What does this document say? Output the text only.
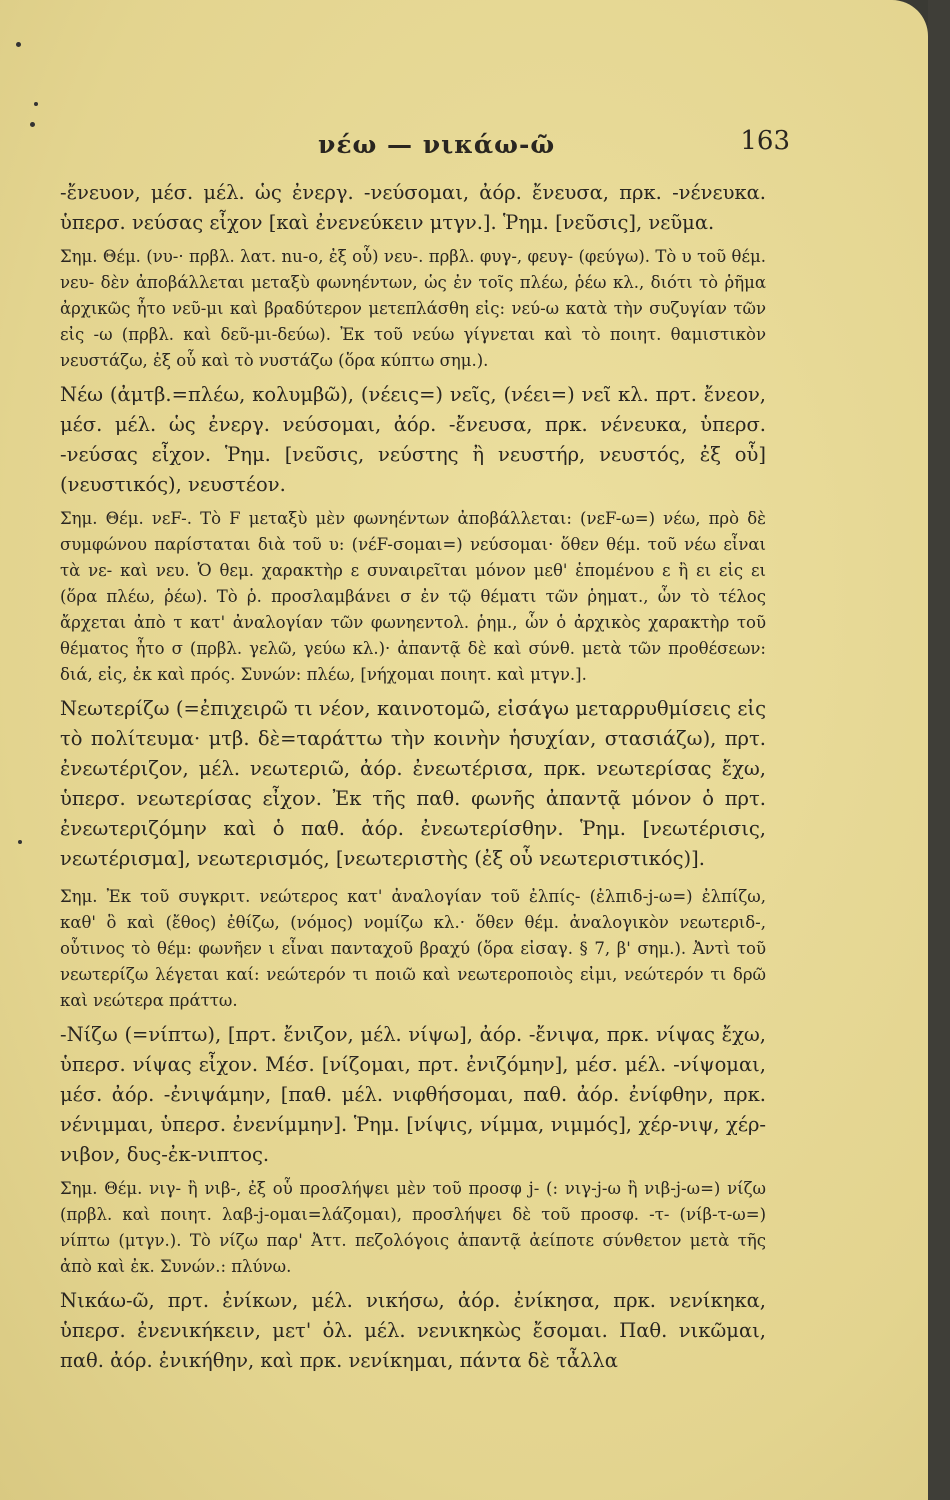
νέω — νικάω-ῶ	163

-ἔνευον, μέσ. μέλ. ὡς ἐνεργ. -νεύσομαι, ἀόρ. ἔνευσα, πρκ. -νένευκα. ὑπερσ. νεύσας εἶχον [καὶ ἐνενεύκειν μτγν.]. Ῥημ. [νεῦσις], νεῦμα.

Σημ. Θέμ. (νυ-· πρβλ. λατ. nu-o, ἐξ οὗ) νευ-. πρβλ. φυγ-, φευγ- (φεύγω). Τὸ υ τοῦ θέμ. νευ- δὲν ἀποβάλλεται μεταξὺ φωνηέντων, ὡς ἐν τοῖς πλέω, ῥέω κλ., διότι τὸ ῥῆμα ἀρχικῶς ἦτο νεῦ-μι καὶ βραδύτερον μετεπλάσθη εἰς: νεύ-ω κατὰ τὴν συζυγίαν τῶν εἰς -ω (πρβλ. καὶ δεῦ-μι-δεύω). Ἐκ τοῦ νεύω γίγνεται καὶ τὸ ποιητ. θαμιστικὸν νευστάζω, ἐξ οὗ καὶ τὸ νυστάζω (ὅρα κύπτω σημ.).

Νέω (ἀμτβ.=πλέω, κολυμβῶ), (νέεις=) νεῖς, (νέει=) νεῖ κλ. πρτ. ἔνεον, μέσ. μέλ. ὡς ἐνεργ. νεύσομαι, ἀόρ. -ἔνευσα, πρκ. νένευκα, ὑπερσ. -νεύσας εἶχον. Ῥημ. [νεῦσις, νεύστης ἢ νευστήρ, νευστός, ἐξ οὗ] (νευστικός), νευστέον.

Σημ. Θέμ. νεF-. Τὸ F μεταξὺ μὲν φωνηέντων ἀποβάλλεται: (νεF-ω=) νέω, πρὸ δὲ συμφώνου παρίσταται διὰ τοῦ υ: (νέF-σομαι=) νεύσομαι· ὅθεν θέμ. τοῦ νέω εἶναι τὰ νε- καὶ νευ. Ὁ θεμ. χαρακτὴρ ε συναιρεῖται μόνον μεθ' ἑπομένου ε ἢ ει εἰς ει (ὅρα πλέω, ῥέω). Τὸ ῥ. προσλαμβάνει σ ἐν τῷ θέματι τῶν ῥηματ., ὧν τὸ τέλος ἄρχεται ἀπὸ τ κατ' ἀναλογίαν τῶν φωνηεντολ. ῥημ., ὧν ὁ ἀρχικὸς χαρακτὴρ τοῦ θέματος ἦτο σ (πρβλ. γελῶ, γεύω κλ.)· ἀπαντᾷ δὲ καὶ σύνθ. μετὰ τῶν προθέσεων: διά, εἰς, ἐκ καὶ πρός. Συνών: πλέω, [νήχομαι ποιητ. καὶ μτγν.].

Νεωτερίζω (=ἐπιχειρῶ τι νέον, καινοτομῶ, εἰσάγω μεταρρυθμίσεις εἰς τὸ πολίτευμα· μτβ. δὲ=ταράττω τὴν κοινὴν ἡσυχίαν, στασιάζω), πρτ. ἐνεωτέριζον, μέλ. νεωτεριῶ, ἀόρ. ἐνεωτέρισα, πρκ. νεωτερίσας ἔχω, ὑπερσ. νεωτερίσας εἶχον. Ἐκ τῆς παθ. φωνῆς ἀπαντᾷ μόνον ὁ πρτ. ἐνεωτεριζόμην καὶ ὁ παθ. ἀόρ. ἐνεωτερίσθην. Ῥημ. [νεωτέρισις, νεωτέρισμα], νεωτερισμός, [νεωτεριστὴς (ἐξ οὗ νεωτεριστικός)].

Σημ. Ἐκ τοῦ συγκριτ. νεώτερος κατ' ἀναλογίαν τοῦ ἐλπίς- (ἐλπιδ-j-ω=) ἐλπίζω, καθ' ὃ καὶ (ἔθος) ἐθίζω, (νόμος) νομίζω κλ.· ὅθεν θέμ. ἀναλογικὸν νεωτεριδ-, οὗτινος τὸ θέμ: φωνῆεν ι εἶναι πανταχοῦ βραχύ (ὅρα εἰσαγ. § 7, β' σημ.). Ἀντὶ τοῦ νεωτερίζω λέγεται καί: νεώτερόν τι ποιῶ καὶ νεωτεροποιὸς εἰμι, νεώτερόν τι δρῶ καὶ νεώτερα πράττω.

-Νίζω (=νίπτω), [πρτ. ἔνιζον, μέλ. νίψω], ἀόρ. -ἔνιψα, πρκ. νίψας ἔχω, ὑπερσ. νίψας εἶχον. Μέσ. [νίζομαι, πρτ. ἐνιζόμην], μέσ. μέλ. -νίψομαι, μέσ. ἀόρ. -ἐνιψάμην, [παθ. μέλ. νιφθήσομαι, παθ. ἀόρ. ἐνίφθην, πρκ. νένιμμαι, ὑπερσ. ἐνενίμμην]. Ῥημ. [νίψις, νίμμα, νιμμός], χέρ-νιψ, χέρ-νιβον, δυς-ἐκ-νιπτος.

Σημ. Θέμ. νιγ- ἢ νιβ-, ἐξ οὗ προσλήψει μὲν τοῦ προσφ j- (: νιγ-j-ω ἢ νιβ-j-ω=) νίζω (πρβλ. καὶ ποιητ. λαβ-j-ομαι=λάζομαι), προσλήψει δὲ τοῦ προσφ. -τ- (νίβ-τ-ω=) νίπτω (μτγν.). Τὸ νίζω παρ' Ἀττ. πεζολόγοις ἀπαντᾷ ἀείποτε σύνθετον μετὰ τῆς ἀπὸ καὶ ἐκ. Συνών.: πλύνω.

Νικάω-ῶ, πρτ. ἐνίκων, μέλ. νικήσω, ἀόρ. ἐνίκησα, πρκ. νενίκηκα, ὑπερσ. ἐνενικήκειν, μετ' ὀλ. μέλ. νενικηκὼς ἔσομαι. Παθ. νικῶμαι, παθ. ἀόρ. ἐνικήθην, καὶ πρκ. νενίκημαι, πάντα δὲ τἆλλα
